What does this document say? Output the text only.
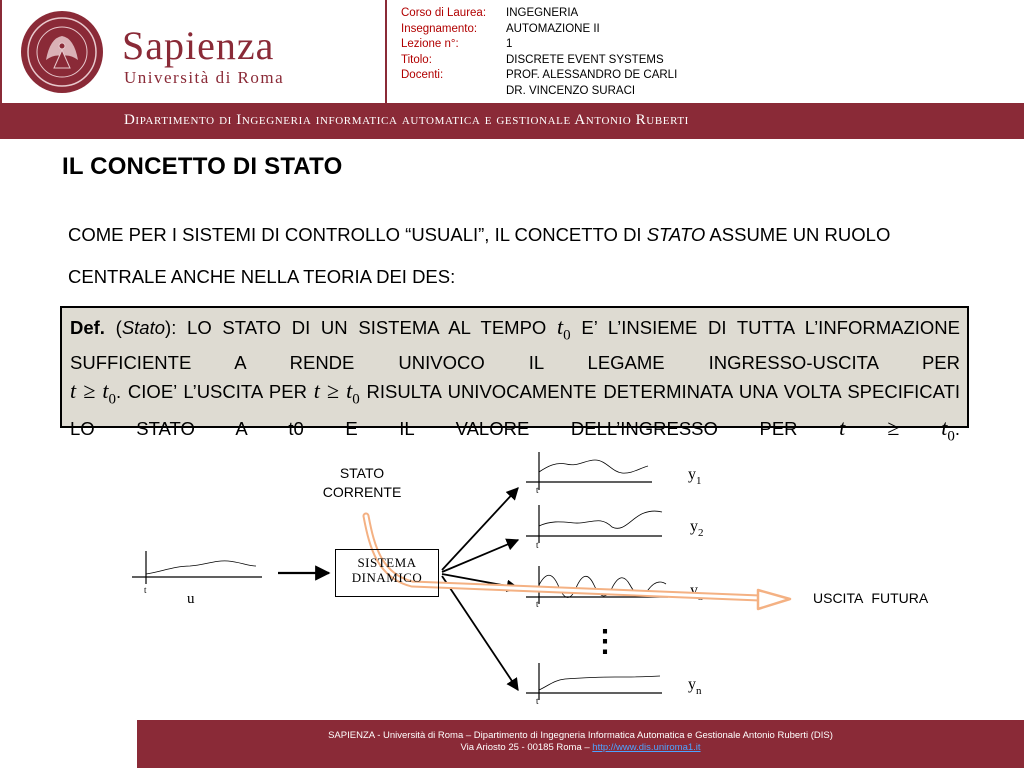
Sapienza
Università di Roma
Corso di Laurea:	INGEGNERIA
Insegnamento:	AUTOMAZIONE II
Lezione n°:	1
Titolo:	DISCRETE EVENT SYSTEMS
Docenti:	PROF. ALESSANDRO DE CARLI
DR. VINCENZO SURACI
Dipartimento di Ingegneria informatica automatica e gestionale Antonio Ruberti
IL CONCETTO DI STATO
COME PER I SISTEMI DI CONTROLLO “USUALI”, IL CONCETTO DI STATO ASSUME UN RUOLO CENTRALE ANCHE NELLA TEORIA DEI DES:
Def. (Stato): LO STATO DI UN SISTEMA AL TEMPO $t_0$ E’ L’INSIEME DI TUTTA L’INFORMAZIONE SUFFICIENTE A RENDE UNIVOCO IL LEGAME INGRESSO-USCITA PER
$t \ge t_0$. CIOE’ L’USCITA PER $t \ge t_0$ RISULTA UNIVOCAMENTE DETERMINATA UNA VOLTA SPECIFICATI LO STATO A t0 E IL VALORE DELL’INGRESSO PER $t \ge t_0$.
t
u
t
t
t
t
$y_1$
$y_2$
$y_3$
$y_n$
⋮
SISTEMA
DINAMICO
STATO
CORRENTE
USCITA FUTURA
SAPIENZA - Università di Roma – Dipartimento di Ingegneria Informatica Automatica e Gestionale Antonio Ruberti (DIS)
Via Ariosto 25 - 00185 Roma – http://www.dis.uniroma1.it
